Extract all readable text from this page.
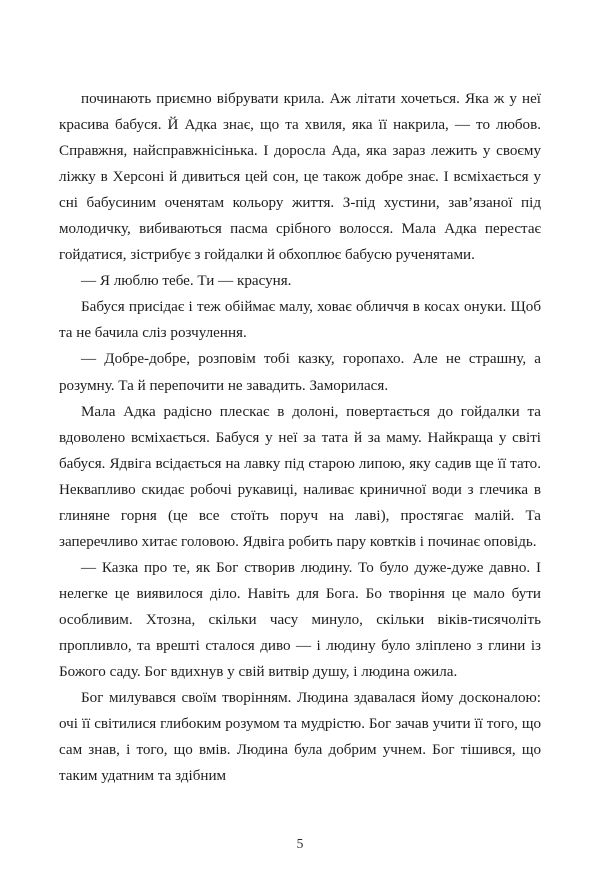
починають приємно вібрувати крила. Аж літати хочеться. Яка ж у неї красива бабуся. Й Адка знає, що та хвиля, яка її накрила, — то любов. Справжня, найсправжнісінька. І доросла Ада, яка зараз лежить у своєму ліжку в Херсоні й дивиться цей сон, це також добре знає. І всміхається у сні бабусиним оченятам кольору життя. З-під хустини, зав’язаної під молодичку, вибиваються пасма срібного волосся. Мала Адка перестає гойдатися, зістрибує з гойдалки й обхоплює бабусю рученятами.

— Я люблю тебе. Ти — красуня.

Бабуся присідає і теж обіймає малу, ховає обличчя в косах онуки. Щоб та не бачила сліз розчулення.

— Добре-добре, розповім тобі казку, горопахо. Але не страшну, а розумну. Та й перепочити не завадить. Заморилася.

Мала Адка радісно плескає в долоні, повертається до гойдалки та вдоволено всміхається. Бабуся у неї за тата й за маму. Найкраща у світі бабуся. Ядвіга всідається на лавку під старою липою, яку садив ще її тато. Неквапливо скидає робочі рукавиці, наливає криничної води з глечика в глиняне горня (це все стоїть поруч на лаві), простягає малій. Та заперечливо хитає головою. Ядвіга робить пару ковтків і починає оповідь.

— Казка про те, як Бог створив людину. То було дуже-дуже давно. І нелегке це виявилося діло. Навіть для Бога. Бо творіння це мало бути особливим. Хтозна, скільки часу минуло, скільки віків-тисячоліть пропливло, та врешті сталося диво — і людину було зліплено з глини із Божого саду. Бог вдихнув у свій витвір душу, і людина ожила.

Бог милувався своїм творінням. Людина здавалася йому досконалою: очі її світилися глибоким розумом та мудрістю. Бог зачав учити її того, що сам знав, і того, що вмів. Людина була добрим учнем. Бог тішився, що таким удатним та здібним

5
